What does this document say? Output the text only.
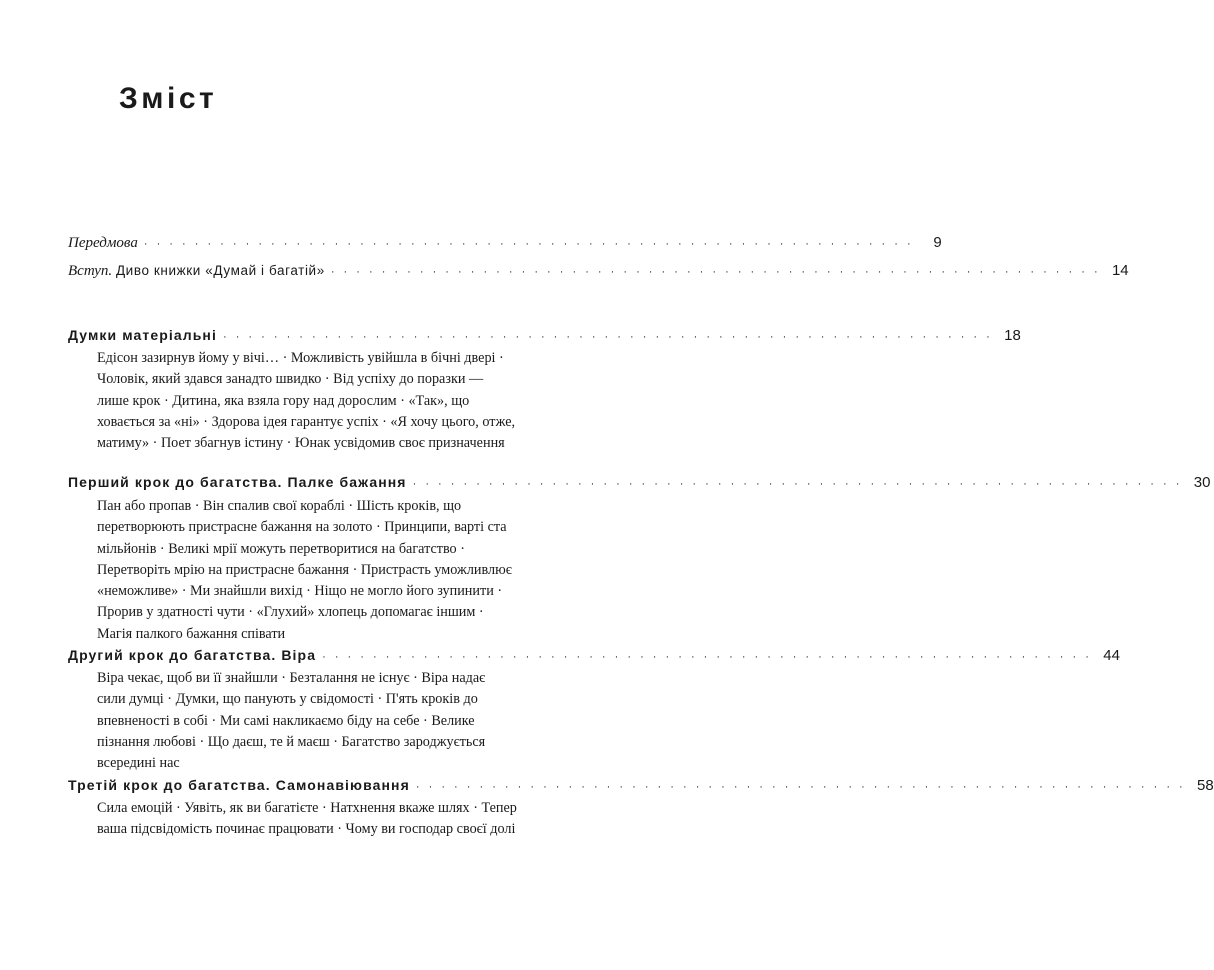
Зміст
Передмова · · · · · · · · · · · · · · · · · · · · · · · · · · · · · · · · · · · · · · · · · · · · · · · · · · · · · · · · · · · · ·	9
Вступ. Диво книжки «Думай і багатій» · · · · · · · · · · · · · · · · · · · · · · · · · · · · · · · · · · · · · · · · · · · · · · · · · · · · · · · · · · · · · 14
Думки матеріальні · · · · · · · · · · · · · · · · · · · · · · · · · · · · · · · · · · · · · · · · · · · · · · · · · · · · · · · · · · · · · 18

Едісон зазирнув йому у вічі… · Можливість увійшла в бічні двері · Чоловік, який здався занадто швидко · Від успіху до поразки — лише крок · Дитина, яка взяла гору над дорослим · «Так», що ховається за «ні» · Здорова ідея гарантує успіх · «Я хочу цього, отже, матиму» · Поет збагнув істину · Юнак усвідомив своє призначення

Перший крок до багатства. Палке бажання · · · · · · · · · · · · · · · · · · · · · · · · · · · · · · · · · · · · · · · · · · · · · · · · · · · · · · · · · · · · · 30

Пан або пропав · Він спалив свої кораблі · Шість кроків, що перетворюють пристрасне бажання на золото · Принципи, варті ста мільйонів · Великі мрії можуть перетворитися на багатство · Перетворіть мрію на пристрасне бажання · Пристрасть уможливлює «неможливе» · Ми знайшли вихід · Ніщо не могло його зупинити · Прорив у здатності чути · «Глухий» хлопець допомагає іншим · Магія палкого бажання співати

Другий крок до багатства. Віра · · · · · · · · · · · · · · · · · · · · · · · · · · · · · · · · · · · · · · · · · · · · · · · · · · · · · · · · · · · · · 44

Віра чекає, щоб ви її знайшли · Безталання не існує · Віра надає сили думці · Думки, що панують у свідомості · П'ять кроків до впевненості в собі · Ми самі накликаємо біду на себе · Велике пізнання любові · Що даєш, те й маєш · Багатство зароджується всередині нас

Третій крок до багатства. Самонавіювання · · · · · · · · · · · · · · · · · · · · · · · · · · · · · · · · · · · · · · · · · · · · · · · · · · · · · · · · · · · · · 58

Сила емоцій · Уявіть, як ви багатієте · Натхнення вкаже шлях · Тепер ваша підсвідомість починає працювати · Чому ви господар своєї долі
